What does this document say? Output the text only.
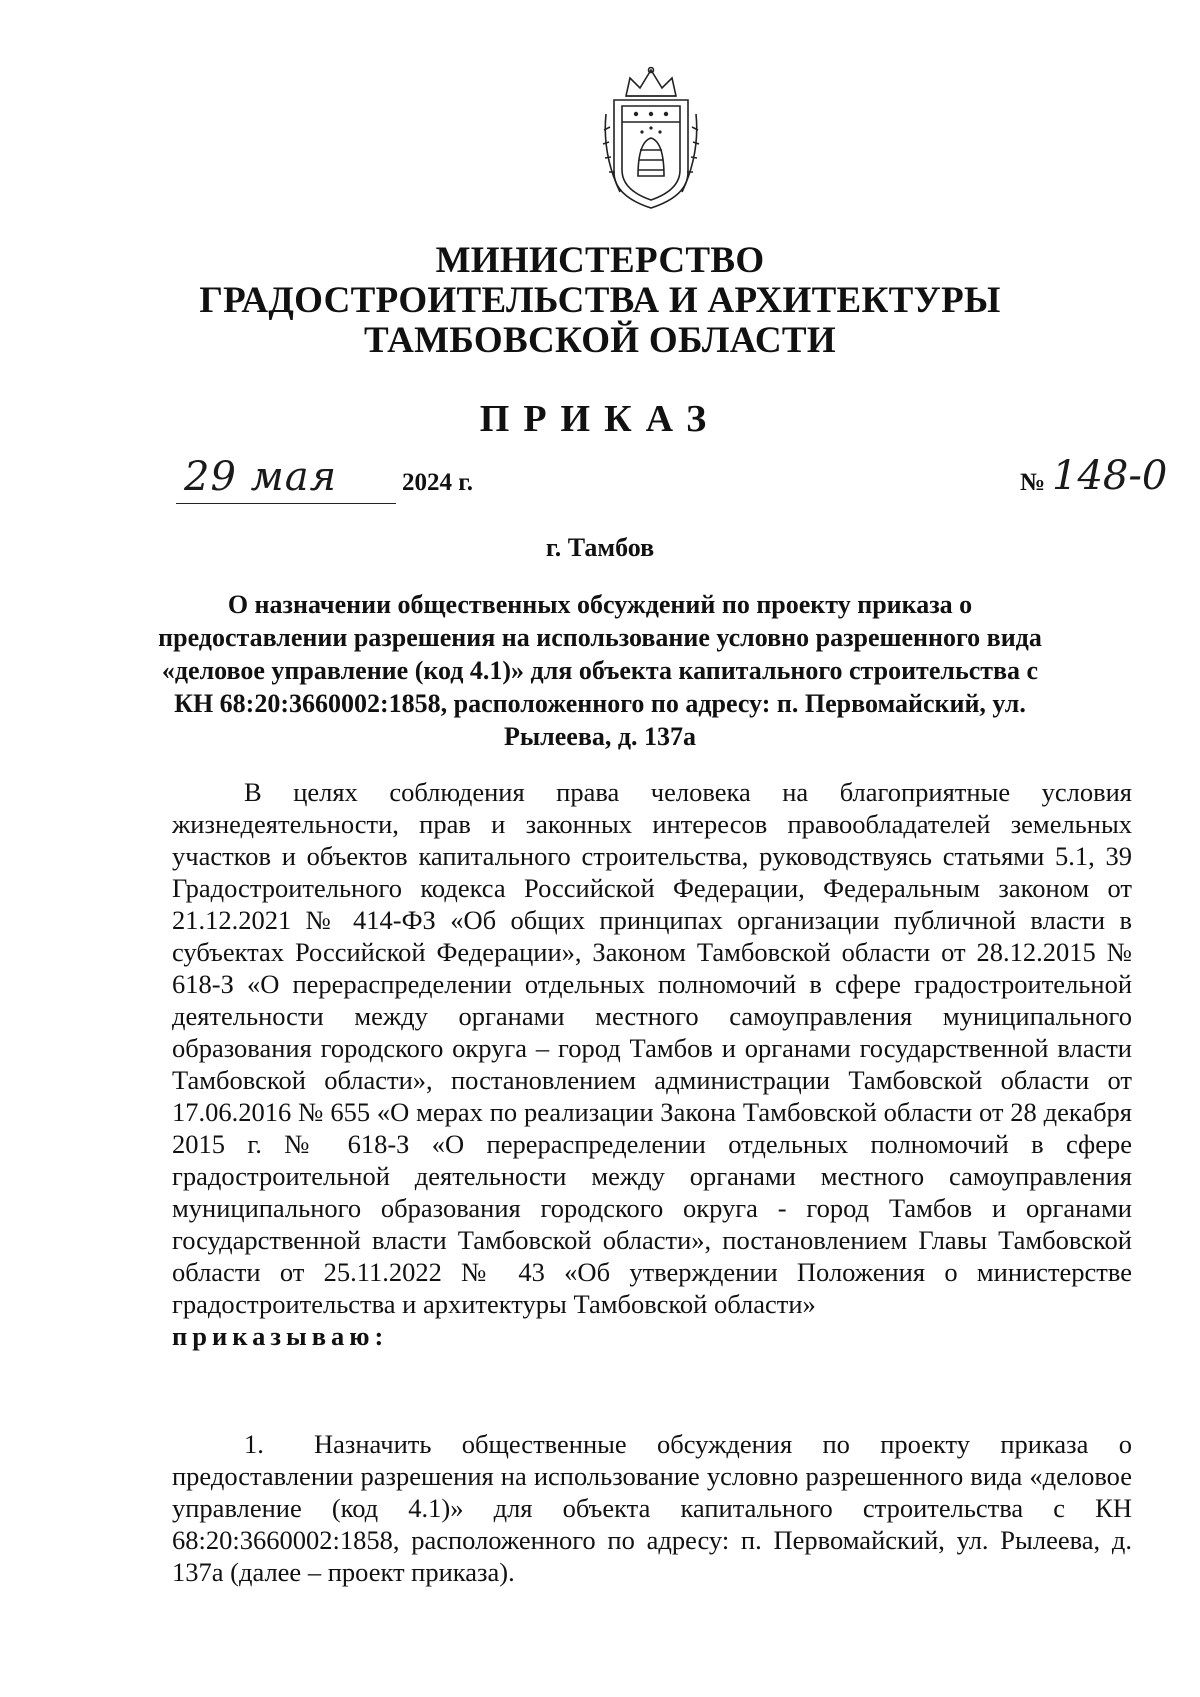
МИНИСТЕРСТВО
ГРАДОСТРОИТЕЛЬСТВА И АРХИТЕКТУРЫ
ТАМБОВСКОЙ ОБЛАСТИ
ПРИКАЗ
29 мая	2024 г.	№ 148-0
г. Тамбов
О назначении общественных обсуждений по проекту приказа о предоставлении разрешения на использование условно разрешенного вида «деловое управление (код 4.1)» для объекта капитального строительства с КН 68:20:3660002:1858, расположенного по адресу: п. Первомайский, ул. Рылеева, д. 137а

В целях соблюдения права человека на благоприятные условия жизнедеятельности, прав и законных интересов правообладателей земельных участков и объектов капитального строительства, руководствуясь статьями 5.1, 39 Градостроительного кодекса Российской Федерации, Федеральным законом от 21.12.2021 № 414-ФЗ «Об общих принципах организации публичной власти в субъектах Российской Федерации», Законом Тамбовской области от 28.12.2015 № 618-З «О перераспределении отдельных полномочий в сфере градостроительной деятельности между органами местного самоуправления муниципального образования городского округа – город Тамбов и органами государственной власти Тамбовской области», постановлением администрации Тамбовской области от 17.06.2016 № 655 «О мерах по реализации Закона Тамбовской области от 28 декабря 2015 г. № 618-З «О перераспределении отдельных полномочий в сфере градостроительной деятельности между органами местного самоуправления муниципального образования городского округа - город Тамбов и органами государственной власти Тамбовской области», постановлением Главы Тамбовской области от 25.11.2022 № 43 «Об утверждении Положения о министерстве градостроительства и архитектуры Тамбовской области»
приказываю:

1. Назначить общественные обсуждения по проекту приказа о предоставлении разрешения на использование условно разрешенного вида «деловое управление (код 4.1)» для объекта капитального строительства с КН 68:20:3660002:1858, расположенного по адресу: п. Первомайский, ул. Рылеева, д. 137а (далее – проект приказа).
